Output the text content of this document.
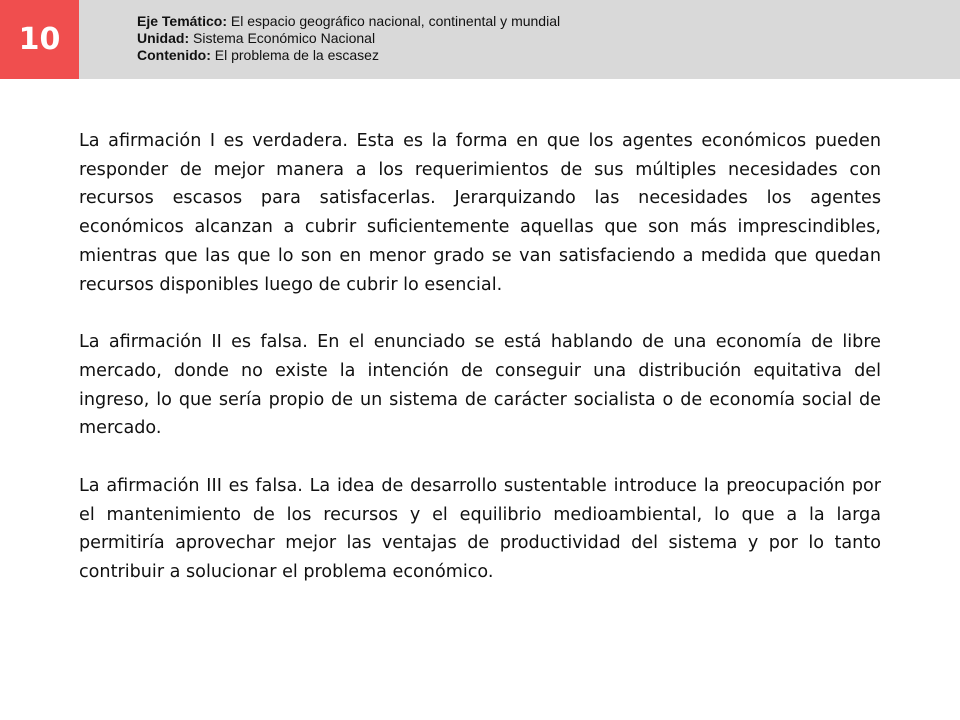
10
Eje Temático: El espacio geográfico nacional, continental y mundial
Unidad: Sistema Económico Nacional
Contenido: El problema de la escasez

La afirmación I es verdadera. Esta es la forma en que los agentes económicos pueden responder de mejor manera a los requerimientos de sus múltiples necesidades con recursos escasos para satisfacerlas. Jerarquizando las necesidades los agentes económicos alcanzan a cubrir suficientemente aquellas que son más imprescindibles, mientras que las que lo son en menor grado se van satisfaciendo a medida que quedan recursos disponibles luego de cubrir lo esencial.

La afirmación II es falsa. En el enunciado se está hablando de una economía de libre mercado, donde no existe la intención de conseguir una distribución equitativa del ingreso, lo que sería propio de un sistema de carácter socialista o de economía social de mercado.

La afirmación III es falsa. La idea de desarrollo sustentable introduce la preocupación por el mantenimiento de los recursos y el equilibrio medioambiental, lo que a la larga permitiría aprovechar mejor las ventajas de productividad del sistema y por lo tanto contribuir a solucionar el problema económico.
